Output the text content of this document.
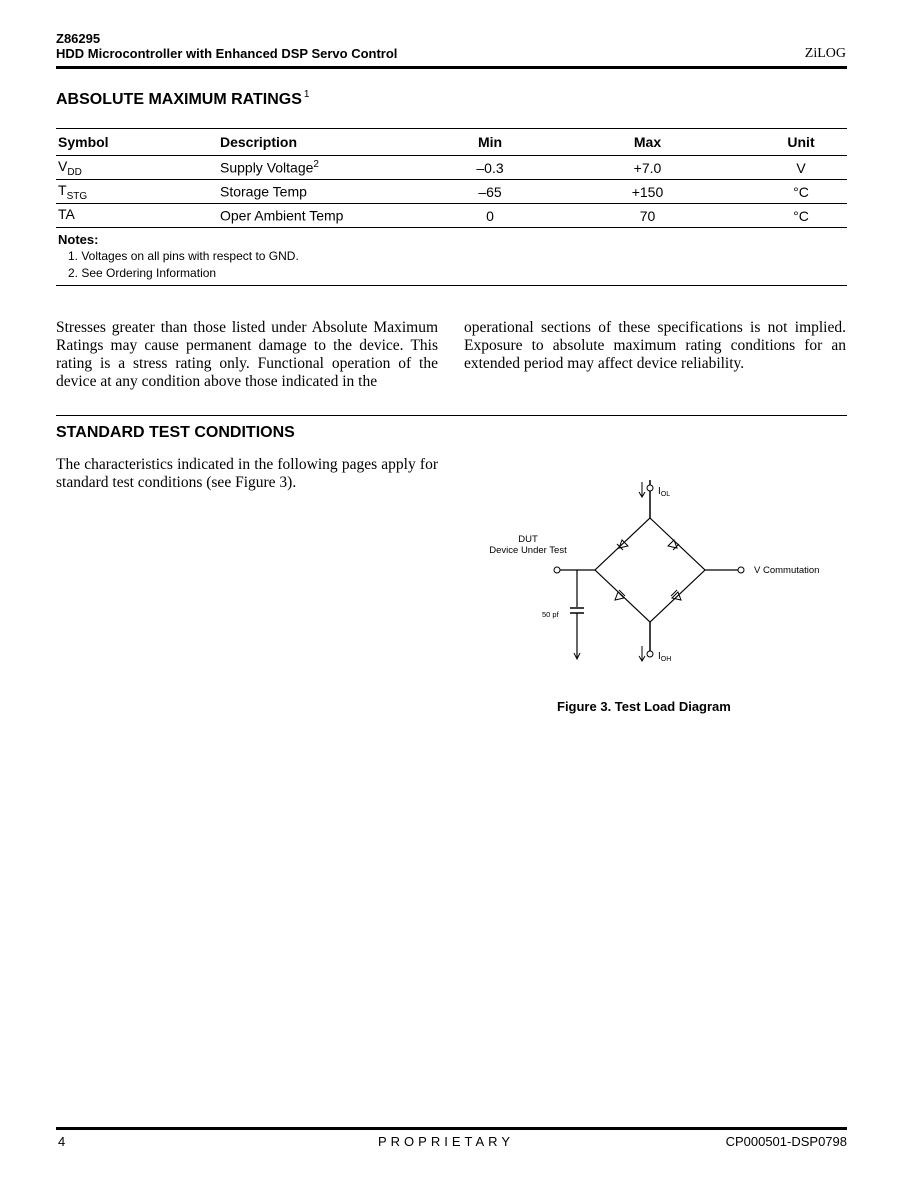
Z86295
HDD Microcontroller with Enhanced DSP Servo Control	ZiLOG
ABSOLUTE MAXIMUM RATINGS $^1$
Symbol	Description	Min	Max	Unit
$V_{DD}$	Supply Voltage$^2$	–0.3	+7.0	V
$T_{STG}$	Storage Temp	–65	+150	°C
TA	Oper Ambient Temp	0	70	°C
Notes:
1. Voltages on all pins with respect to GND.
2. See Ordering Information

Stresses greater than those listed under Absolute Maximum Ratings may cause permanent damage to the device. This rating is a stress rating only. Functional operation of the device at any condition above those indicated in the

operational sections of these specifications is not implied. Exposure to absolute maximum rating conditions for an extended period may affect device reliability.

STANDARD TEST CONDITIONS

The characteristics indicated in the following pages apply for standard test conditions (see Figure 3).

$I_{OL}$
V Commutation
DUT
Device Under Test
50 pf
$I_{OH}$
Figure 3. Test Load Diagram
4	PROPRIETARY	CP000501-DSP0798
